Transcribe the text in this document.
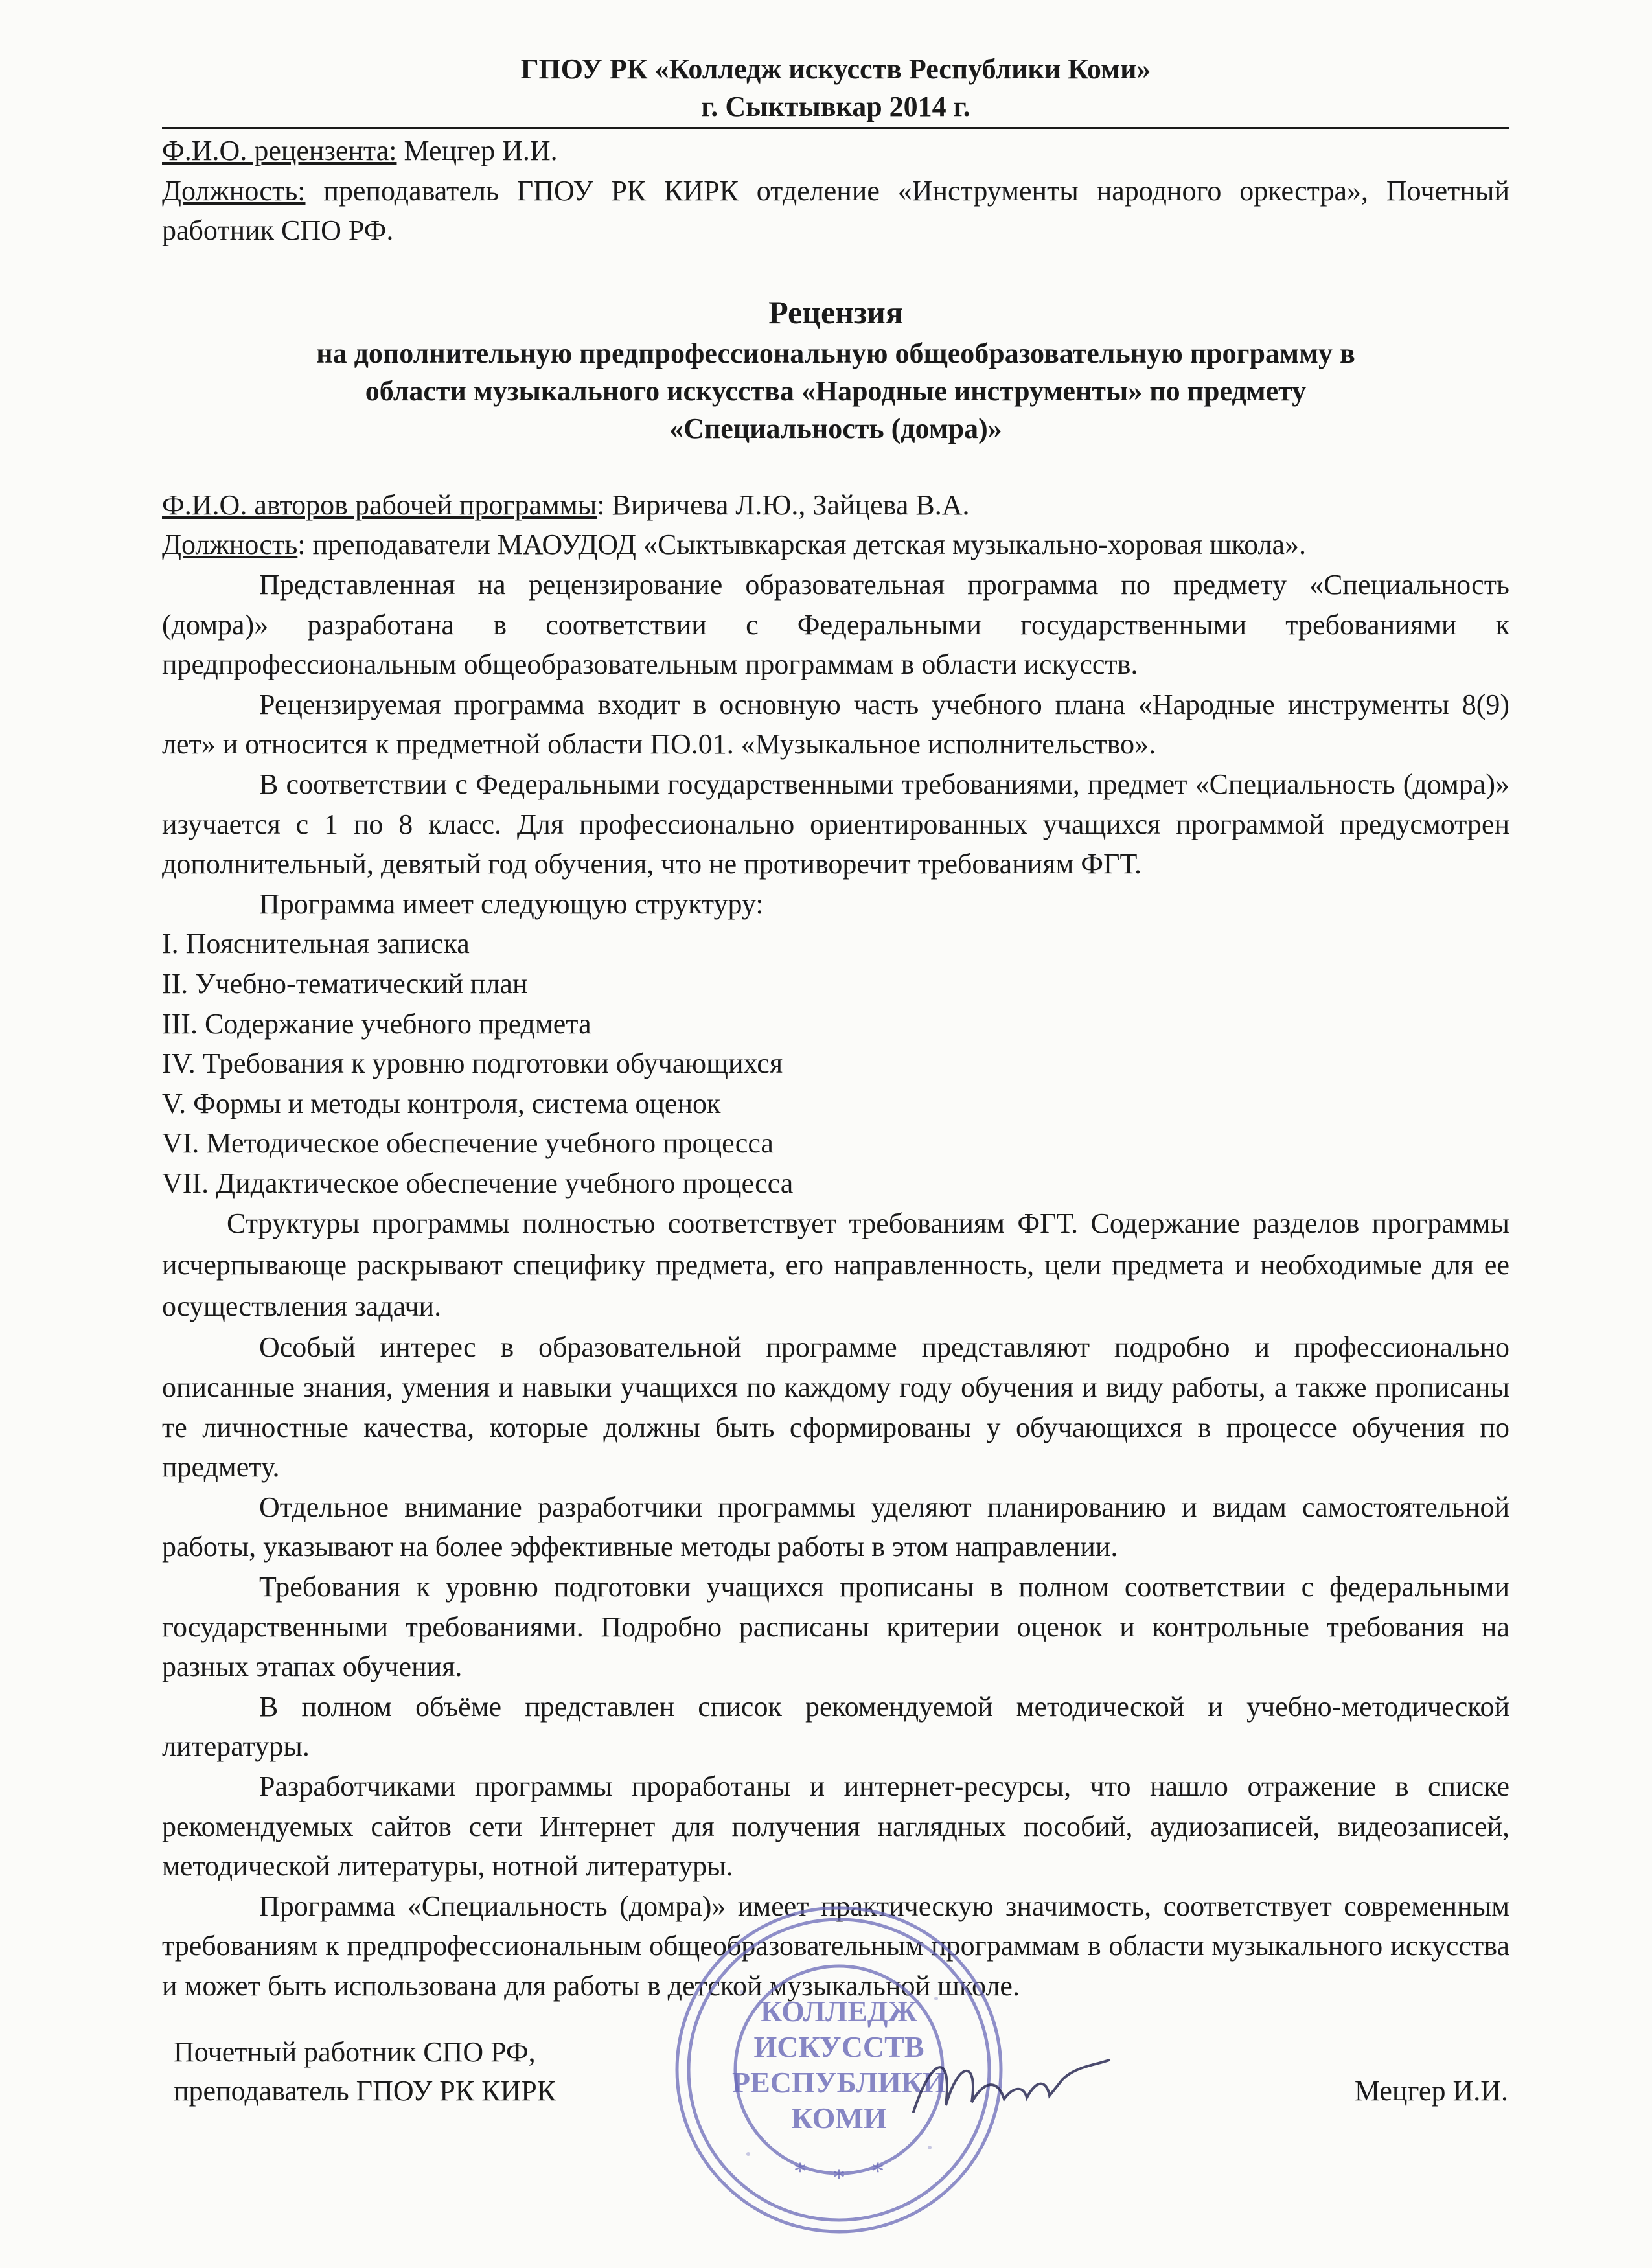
ГПОУ РК «Колледж искусств Республики Коми»
г. Сыктывкар 2014 г.

Ф.И.О. рецензента: Мецгер И.И.

Должность: преподаватель ГПОУ РК КИРК отделение «Инструменты народного оркестра», Почетный работник СПО РФ.

Рецензия
на дополнительную предпрофессиональную общеобразовательную программу в
области музыкального искусства «Народные инструменты» по предмету
«Специальность (домра)»

Ф.И.О. авторов рабочей программы: Виричева Л.Ю., Зайцева В.А.

Должность: преподаватели МАОУДОД «Сыктывкарская детская музыкально-хоровая школа».

Представленная на рецензирование образовательная программа по предмету «Специальность (домра)» разработана в соответствии с Федеральными государственными требованиями к предпрофессиональным общеобразовательным программам в области искусств.

Рецензируемая программа входит в основную часть учебного плана «Народные инструменты 8(9) лет» и относится к предметной области ПО.01. «Музыкальное исполнительство».

В соответствии с Федеральными государственными требованиями, предмет «Специальность (домра)» изучается с 1 по 8 класс. Для профессионально ориентированных учащихся программой предусмотрен дополнительный, девятый год обучения, что не противоречит требованиям ФГТ.

Программа имеет следующую структуру:

I. Пояснительная записка

II. Учебно-тематический план

III. Содержание учебного предмета

IV. Требования к уровню подготовки обучающихся

V. Формы и методы контроля, система оценок

VI. Методическое обеспечение учебного процесса

VII. Дидактическое обеспечение учебного процесса

Структуры программы полностью соответствует требованиям ФГТ. Содержание разделов программы исчерпывающе раскрывают специфику предмета, его направленность, цели предмета и необходимые для ее осуществления задачи.

Особый интерес в образовательной программе представляют подробно и профессионально описанные знания, умения и навыки учащихся по каждому году обучения и виду работы, а также прописаны те личностные качества, которые должны быть сформированы у обучающихся в процессе обучения по предмету.

Отдельное внимание разработчики программы уделяют планированию и видам самостоятельной работы, указывают на более эффективные методы работы в этом направлении.

Требования к уровню подготовки учащихся прописаны в полном соответствии с федеральными государственными требованиями. Подробно расписаны критерии оценок и контрольные требования на разных этапах обучения.

В полном объёме представлен список рекомендуемой методической и учебно-методической литературы.

Разработчиками программы проработаны и интернет-ресурсы, что нашло отражение в списке рекомендуемых сайтов сети Интернет для получения наглядных пособий, аудиозаписей, видеозаписей, методической литературы, нотной литературы.

Программа «Специальность (домра)» имеет практическую значимость, соответствует современным требованиям к предпрофессиональным общеобразовательным программам в области музыкального искусства и может быть использована для работы в детской музыкальной школе.

КОЛЛЕДЖ
ИСКУССТВ
РЕСПУБЛИКИ
КОМИ
* * *
Почетный работник СПО РФ,
преподаватель ГПОУ РК КИРК	Мецгер И.И.
